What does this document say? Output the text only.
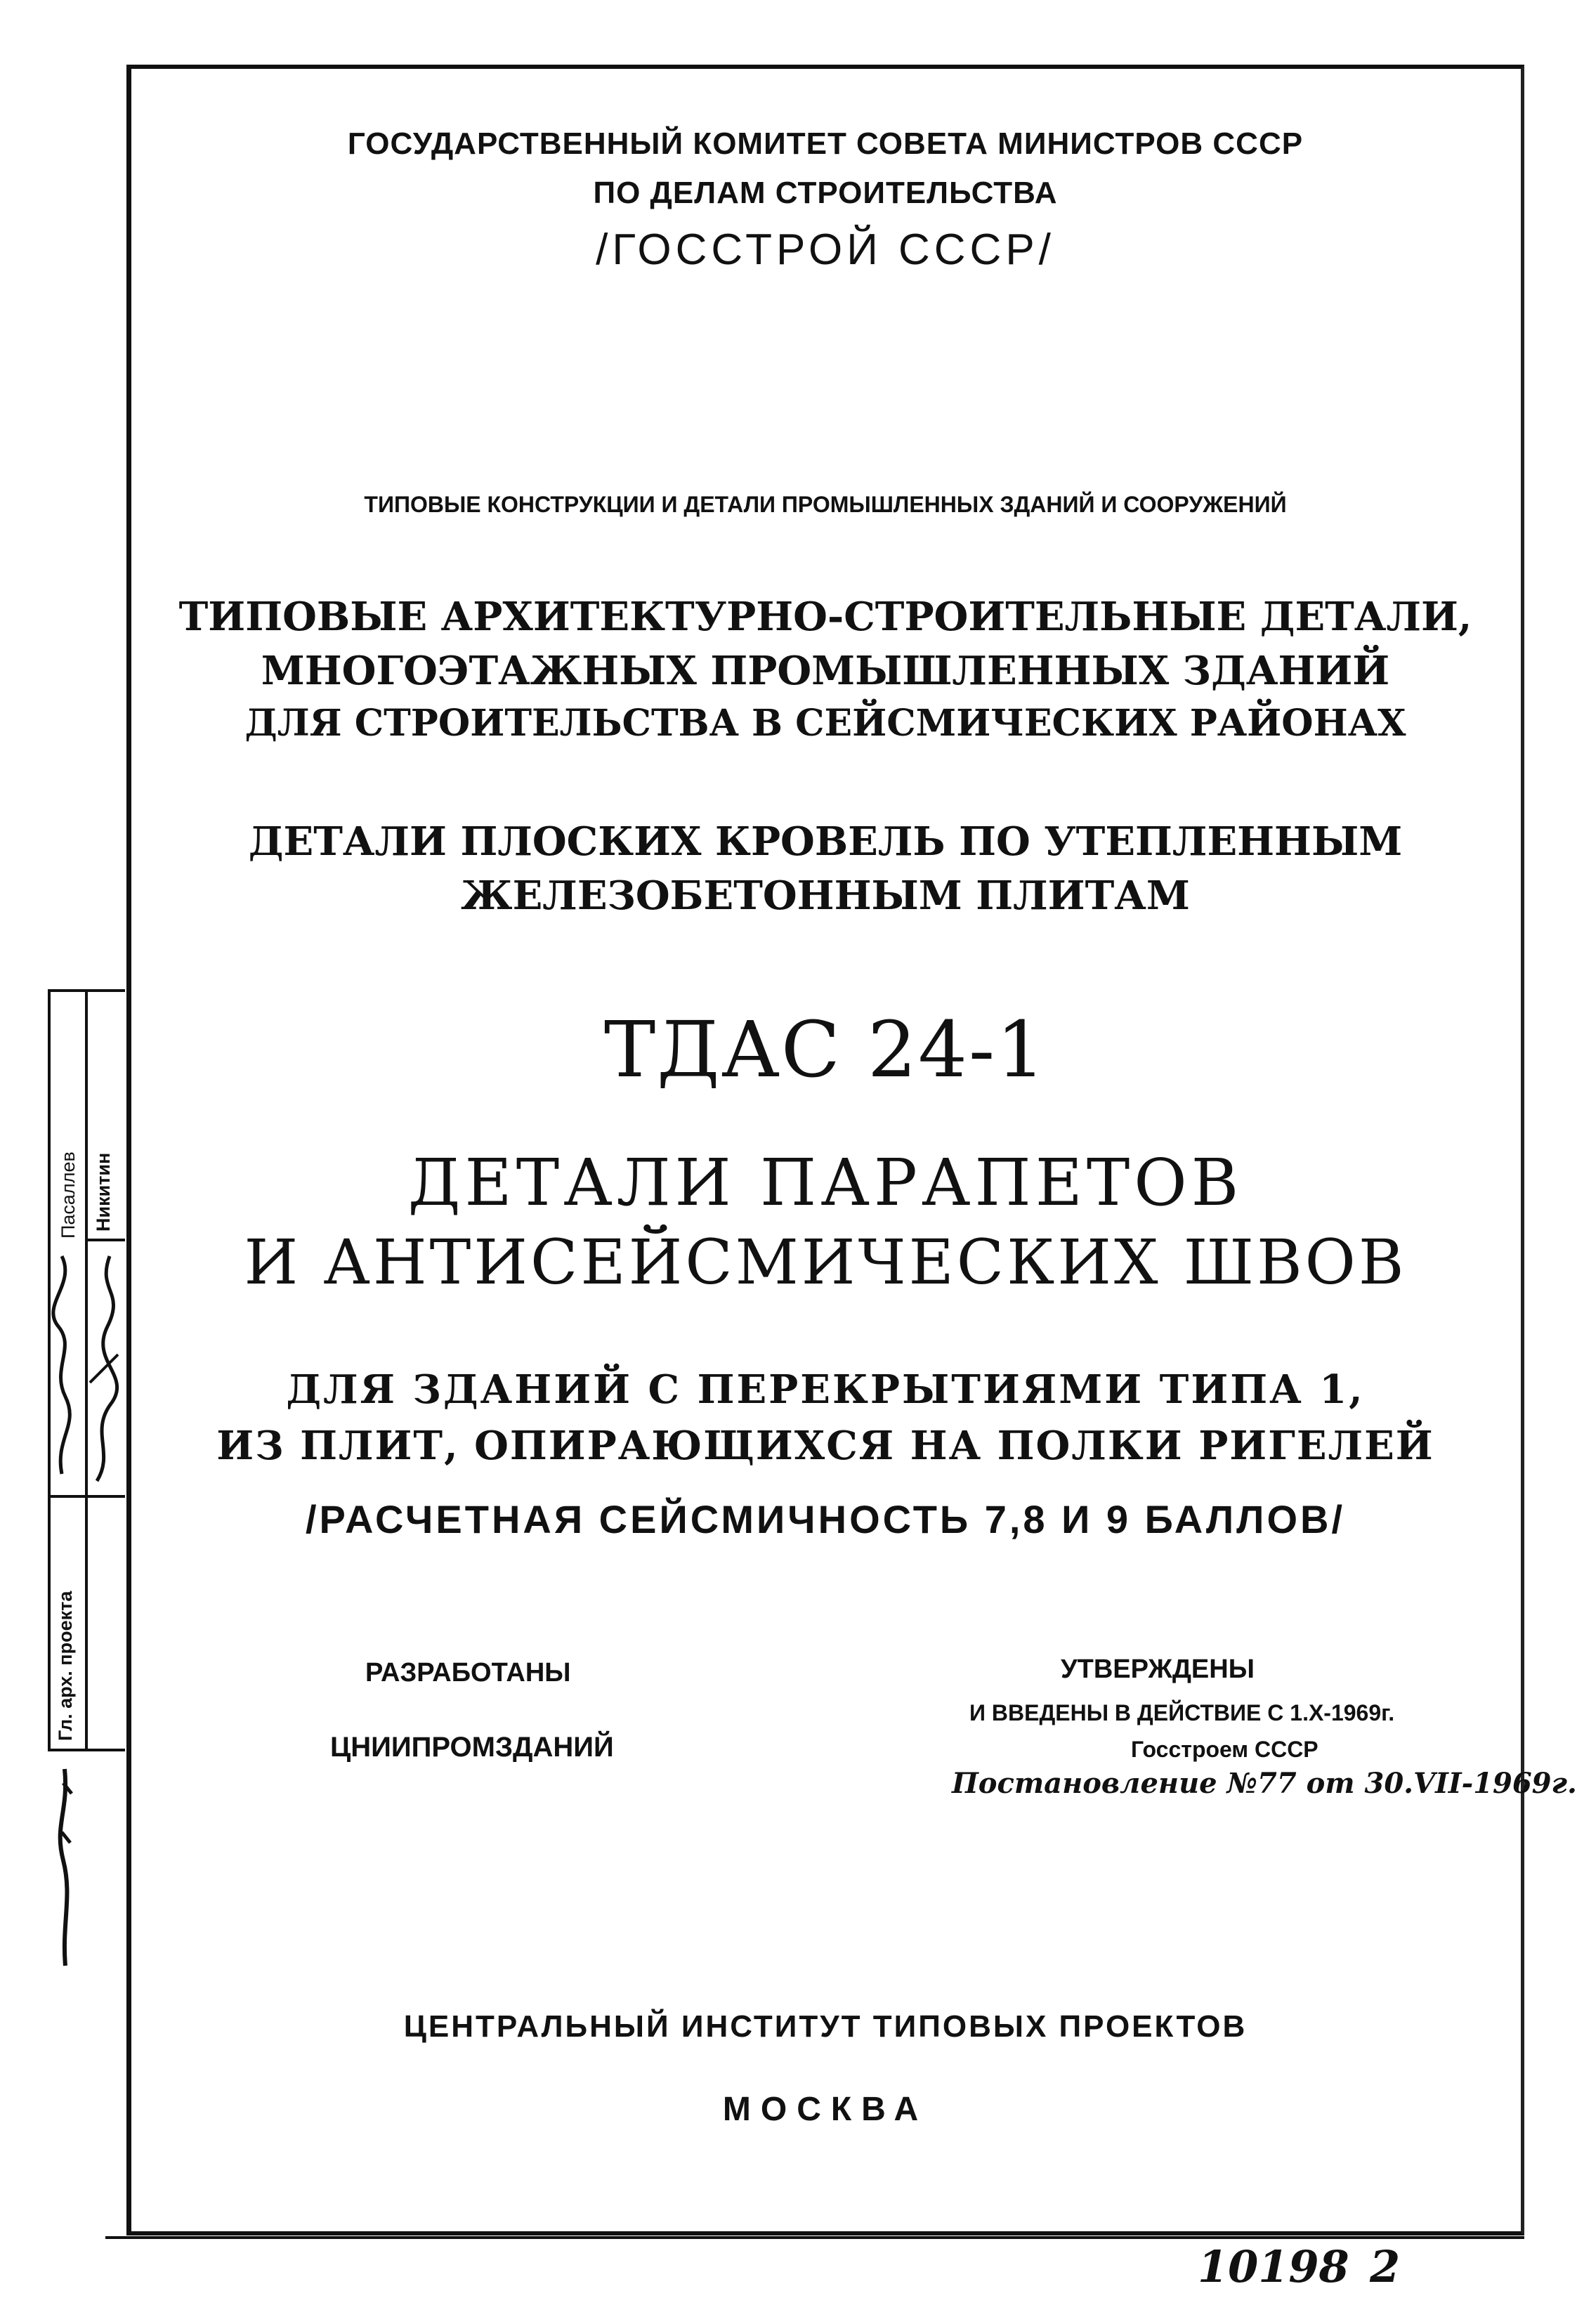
ГОСУДАРСТВЕННЫЙ КОМИТЕТ СОВЕТА МИНИСТРОВ СССР
ПО ДЕЛАМ СТРОИТЕЛЬСТВА
/ГОССТРОЙ СССР/
ТИПОВЫЕ КОНСТРУКЦИИ И ДЕТАЛИ ПРОМЫШЛЕННЫХ ЗДАНИЙ И СООРУЖЕНИЙ
ТИПОВЫЕ АРХИТЕКТУРНО-СТРОИТЕЛЬНЫЕ ДЕТАЛИ,
МНОГОЭТАЖНЫХ ПРОМЫШЛЕННЫХ ЗДАНИЙ
ДЛЯ СТРОИТЕЛЬСТВА В СЕЙСМИЧЕСКИХ РАЙОНАХ
ДЕТАЛИ ПЛОСКИХ КРОВЕЛЬ ПО УТЕПЛЕННЫМ
ЖЕЛЕЗОБЕТОННЫМ ПЛИТАМ
ТДАС 24-1
ДЕТАЛИ ПАРАПЕТОВ
И АНТИСЕЙСМИЧЕСКИХ ШВОВ
ДЛЯ ЗДАНИЙ С ПЕРЕКРЫТИЯМИ ТИПА 1,
ИЗ ПЛИТ, ОПИРАЮЩИХСЯ НА ПОЛКИ РИГЕЛЕЙ
/РАСЧЕТНАЯ СЕЙСМИЧНОСТЬ 7,8 И 9 БАЛЛОВ/
РАЗРАБОТАНЫ
ЦНИИПРОМЗДАНИЙ
УТВЕРЖДЕНЫ
И ВВЕДЕНЫ В ДЕЙСТВИЕ С 1.X-1969г.
Госстроем СССР
Постановление №77 от 30.VII-1969г.
ЦЕНТРАЛЬНЫЙ ИНСТИТУТ ТИПОВЫХ ПРОЕКТОВ
МОСКВА
Гл. арх. проекта
Пасаллев Никитин
10198 2
